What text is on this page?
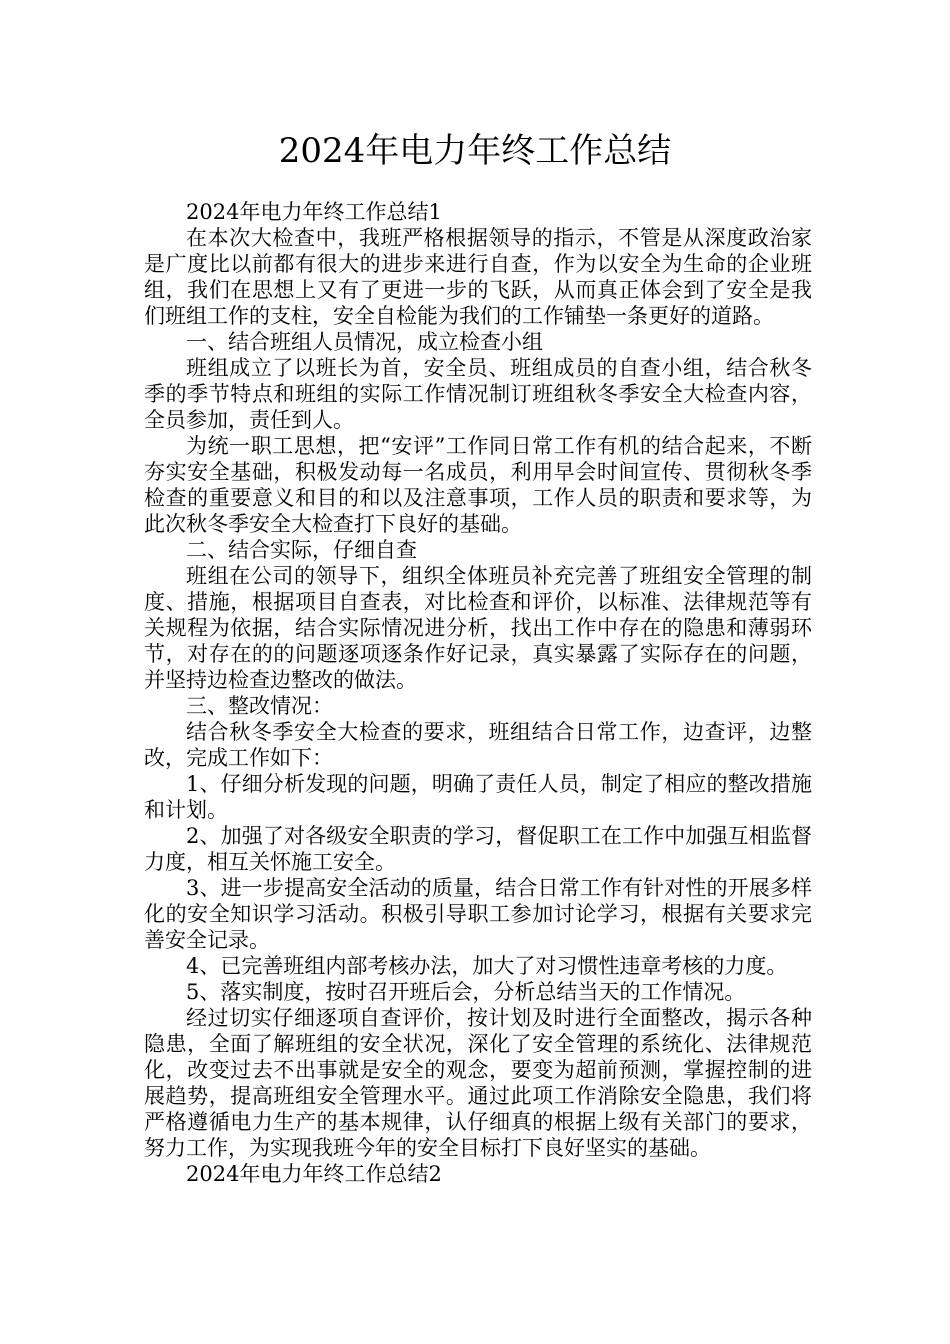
2024年电力年终工作总结

2024年电力年终工作总结1

在本次大检查中，我班严格根据领导的指示，不管是从深度政治家是广度比以前都有很大的进步来进行自查，作为以安全为生命的企业班组，我们在思想上又有了更进一步的飞跃，从而真正体会到了安全是我们班组工作的支柱，安全自检能为我们的工作铺垫一条更好的道路。

一、结合班组人员情况，成立检查小组

班组成立了以班长为首，安全员、班组成员的自查小组，结合秋冬季的季节特点和班组的实际工作情况制订班组秋冬季安全大检查内容，全员参加，责任到人。

为统一职工思想，把“安评”工作同日常工作有机的结合起来，不断夯实安全基础，积极发动每一名成员，利用早会时间宣传、贯彻秋冬季检查的重要意义和目的和以及注意事项，工作人员的职责和要求等，为此次秋冬季安全大检查打下良好的基础。

二、结合实际，仔细自查

班组在公司的领导下，组织全体班员补充完善了班组安全管理的制度、措施，根据项目自查表，对比检查和评价，以标准、法律规范等有关规程为依据，结合实际情况进分析，找出工作中存在的隐患和薄弱环节，对存在的的问题逐项逐条作好记录，真实暴露了实际存在的问题，并坚持边检查边整改的做法。

三、整改情况：

结合秋冬季安全大检查的要求，班组结合日常工作，边查评，边整改，完成工作如下：

1、仔细分析发现的问题，明确了责任人员，制定了相应的整改措施和计划。

2、加强了对各级安全职责的学习，督促职工在工作中加强互相监督力度，相互关怀施工安全。

3、进一步提高安全活动的质量，结合日常工作有针对性的开展多样化的安全知识学习活动。积极引导职工参加讨论学习，根据有关要求完善安全记录。

4、已完善班组内部考核办法，加大了对习惯性违章考核的力度。

5、落实制度，按时召开班后会，分析总结当天的工作情况。

经过切实仔细逐项自查评价，按计划及时进行全面整改，揭示各种隐患，全面了解班组的安全状况，深化了安全管理的系统化、法律规范化，改变过去不出事就是安全的观念，要变为超前预测，掌握控制的进展趋势，提高班组安全管理水平。通过此项工作消除安全隐患，我们将严格遵循电力生产的基本规律，认仔细真的根据上级有关部门的要求，努力工作，为实现我班今年的安全目标打下良好坚实的基础。

2024年电力年终工作总结2
